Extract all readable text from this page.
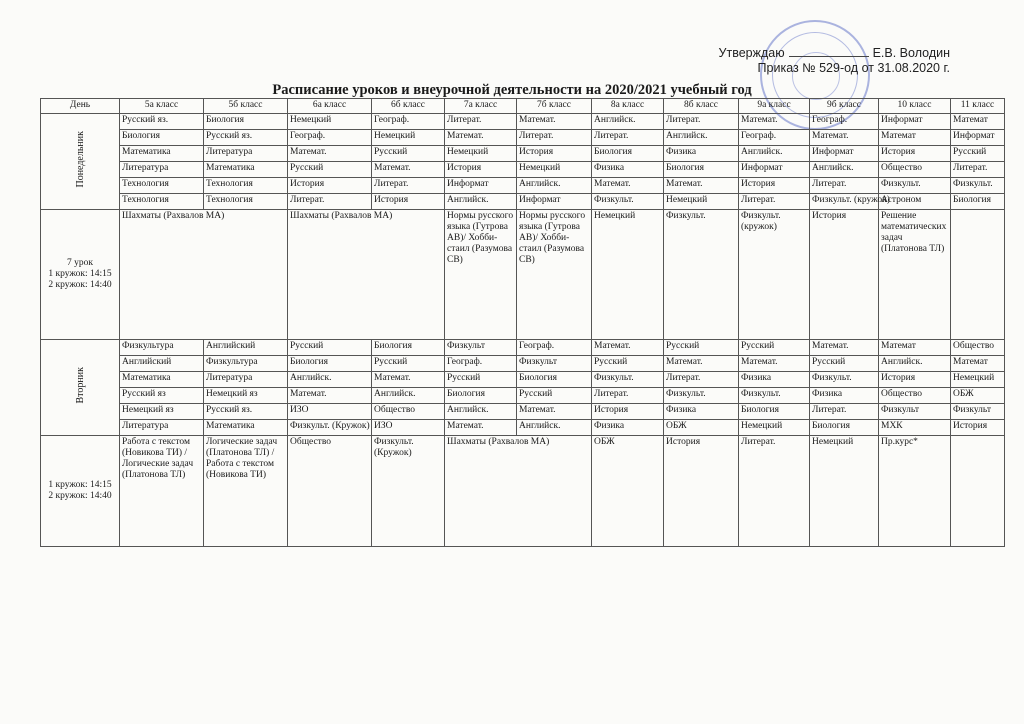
Утверждаю	Е.В. Володин
Приказ № 529-од от 31.08.2020 г.
Расписание уроков и внеурочной деятельности на 2020/2021 учебный год
День	5а класс	5б класс	6а класс	6б класс	7а класс	7б класс	8а класс	8б класс	9а класс	9б класс	10 класс	11 класс
Понедельник	Русский яз.	Биология	Немецкий	Географ.	Литерат.	Математ.	Английск.	Литерат.	Математ.	Географ.	Информат	Математ
	Биология	Русский яз.	Географ.	Немецкий	Математ.	Литерат.	Литерат.	Английск.	Географ.	Математ.	Математ	Информат
	Математика	Литература	Математ.	Русский	Немецкий	История	Биология	Физика	Английск.	Информат	История	Русский
	Литература	Математика	Русский	Математ.	История	Немецкий	Физика	Биология	Информат	Английск.	Общество	Литерат.
	Технология	Технология	История	Литерат.	Информат	Английск.	Математ.	Математ.	История	Литерат.	Физкульт.	Физкульт.
	Технология	Технология	Литерат.	История	Английск.	Информат	Физкульт.	Немецкий	Литерат.	Физкульт. (кружок)	Астроном	Биология
7 урок
1 кружок: 14:15
2 кружок: 14:40	Шахматы (Рахвалов МА)		Шахматы (Рахвалов МА)		Нормы русского языка (Гутрова АВ)/ Хобби-стаил (Разумова СВ)	Нормы русского языка (Гутрова АВ)/ Хобби-стаил (Разумова СВ)	Немецкий	Физкульт.	Физкульт. (кружок)	История	Решение математических задач (Платонова ТЛ)	
Вторник	Физкультура	Английский	Русский	Биология	Физкульт	Географ.	Математ.	Русский	Русский	Математ.	Математ	Общество
	Английский	Физкультура	Биология	Русский	Географ.	Физкульт	Русский	Математ.	Математ.	Русский	Английск.	Математ
	Математика	Литература	Английск.	Математ.	Русский	Биология	Физкульт.	Литерат.	Физика	Физкульт.	История	Немецкий
	Русский яз	Немецкий яз	Математ.	Английск.	Биология	Русский	Литерат.	Физкульт.	Физкульт.	Физика	Общество	ОБЖ
	Немецкий яз	Русский яз.	ИЗО	Общество	Английск.	Математ.	История	Физика	Биология	Литерат.	Физкульт	Физкульт
	Литература	Математика	Физкульт. (Кружок)	ИЗО	Математ.	Английск.	Физика	ОБЖ	Немецкий	Биология	МХК	История
1 кружок: 14:15
2 кружок: 14:40	Работа с текстом (Новикова ТИ) / Логические задач (Платонова ТЛ)	Логические задач (Платонова ТЛ) / Работа с текстом (Новикова ТИ)	Общество	Физкульт. (Кружок)	Шахматы (Рахвалов МА)		ОБЖ	История	Литерат.	Немецкий	Пр.курс*	
